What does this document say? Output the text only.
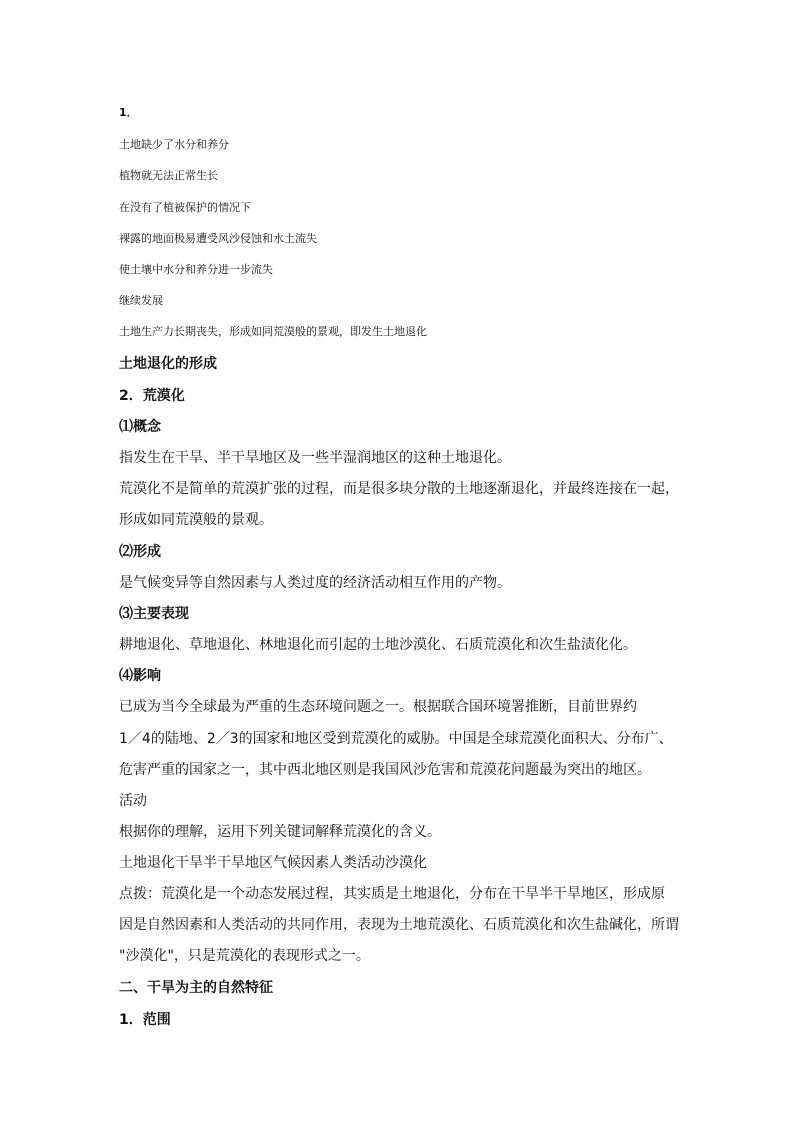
1．
土地缺少了水分和养分
植物就无法正常生长
在没有了植被保护的情况下
裸露的地面极易遭受风沙侵蚀和水土流失
使土壤中水分和养分进一步流失
继续发展
土地生产力长期丧失，形成如同荒漠般的景观，即发生土地退化
土地退化的形成
2．荒漠化
⑴概念
指发生在干旱、半干旱地区及一些半湿润地区的这种土地退化。
荒漠化不是简单的荒漠扩张的过程，而是很多块分散的土地逐渐退化，并最终连接在一起，
形成如同荒漠般的景观。
⑵形成
是气候变异等自然因素与人类过度的经济活动相互作用的产物。
⑶主要表现
耕地退化、草地退化、林地退化而引起的土地沙漠化、石质荒漠化和次生盐渍化化。
⑷影响
已成为当今全球最为严重的生态环境问题之一。根据联合国环境署推断，目前世界约
1／4的陆地、2／3的国家和地区受到荒漠化的威胁。中国是全球荒漠化面积大、分布广、
危害严重的国家之一，其中西北地区则是我国风沙危害和荒漠花问题最为突出的地区。
活动
根据你的理解，运用下列关键词解释荒漠化的含义。
土地退化干旱半干旱地区气候因素人类活动沙漠化
点拨：荒漠化是一个动态发展过程，其实质是土地退化，分布在干旱半干旱地区，形成原
因是自然因素和人类活动的共同作用，表现为土地荒漠化、石质荒漠化和次生盐碱化，所谓
"沙漠化"，只是荒漠化的表现形式之一。
二、干旱为主的自然特征
1．范围
